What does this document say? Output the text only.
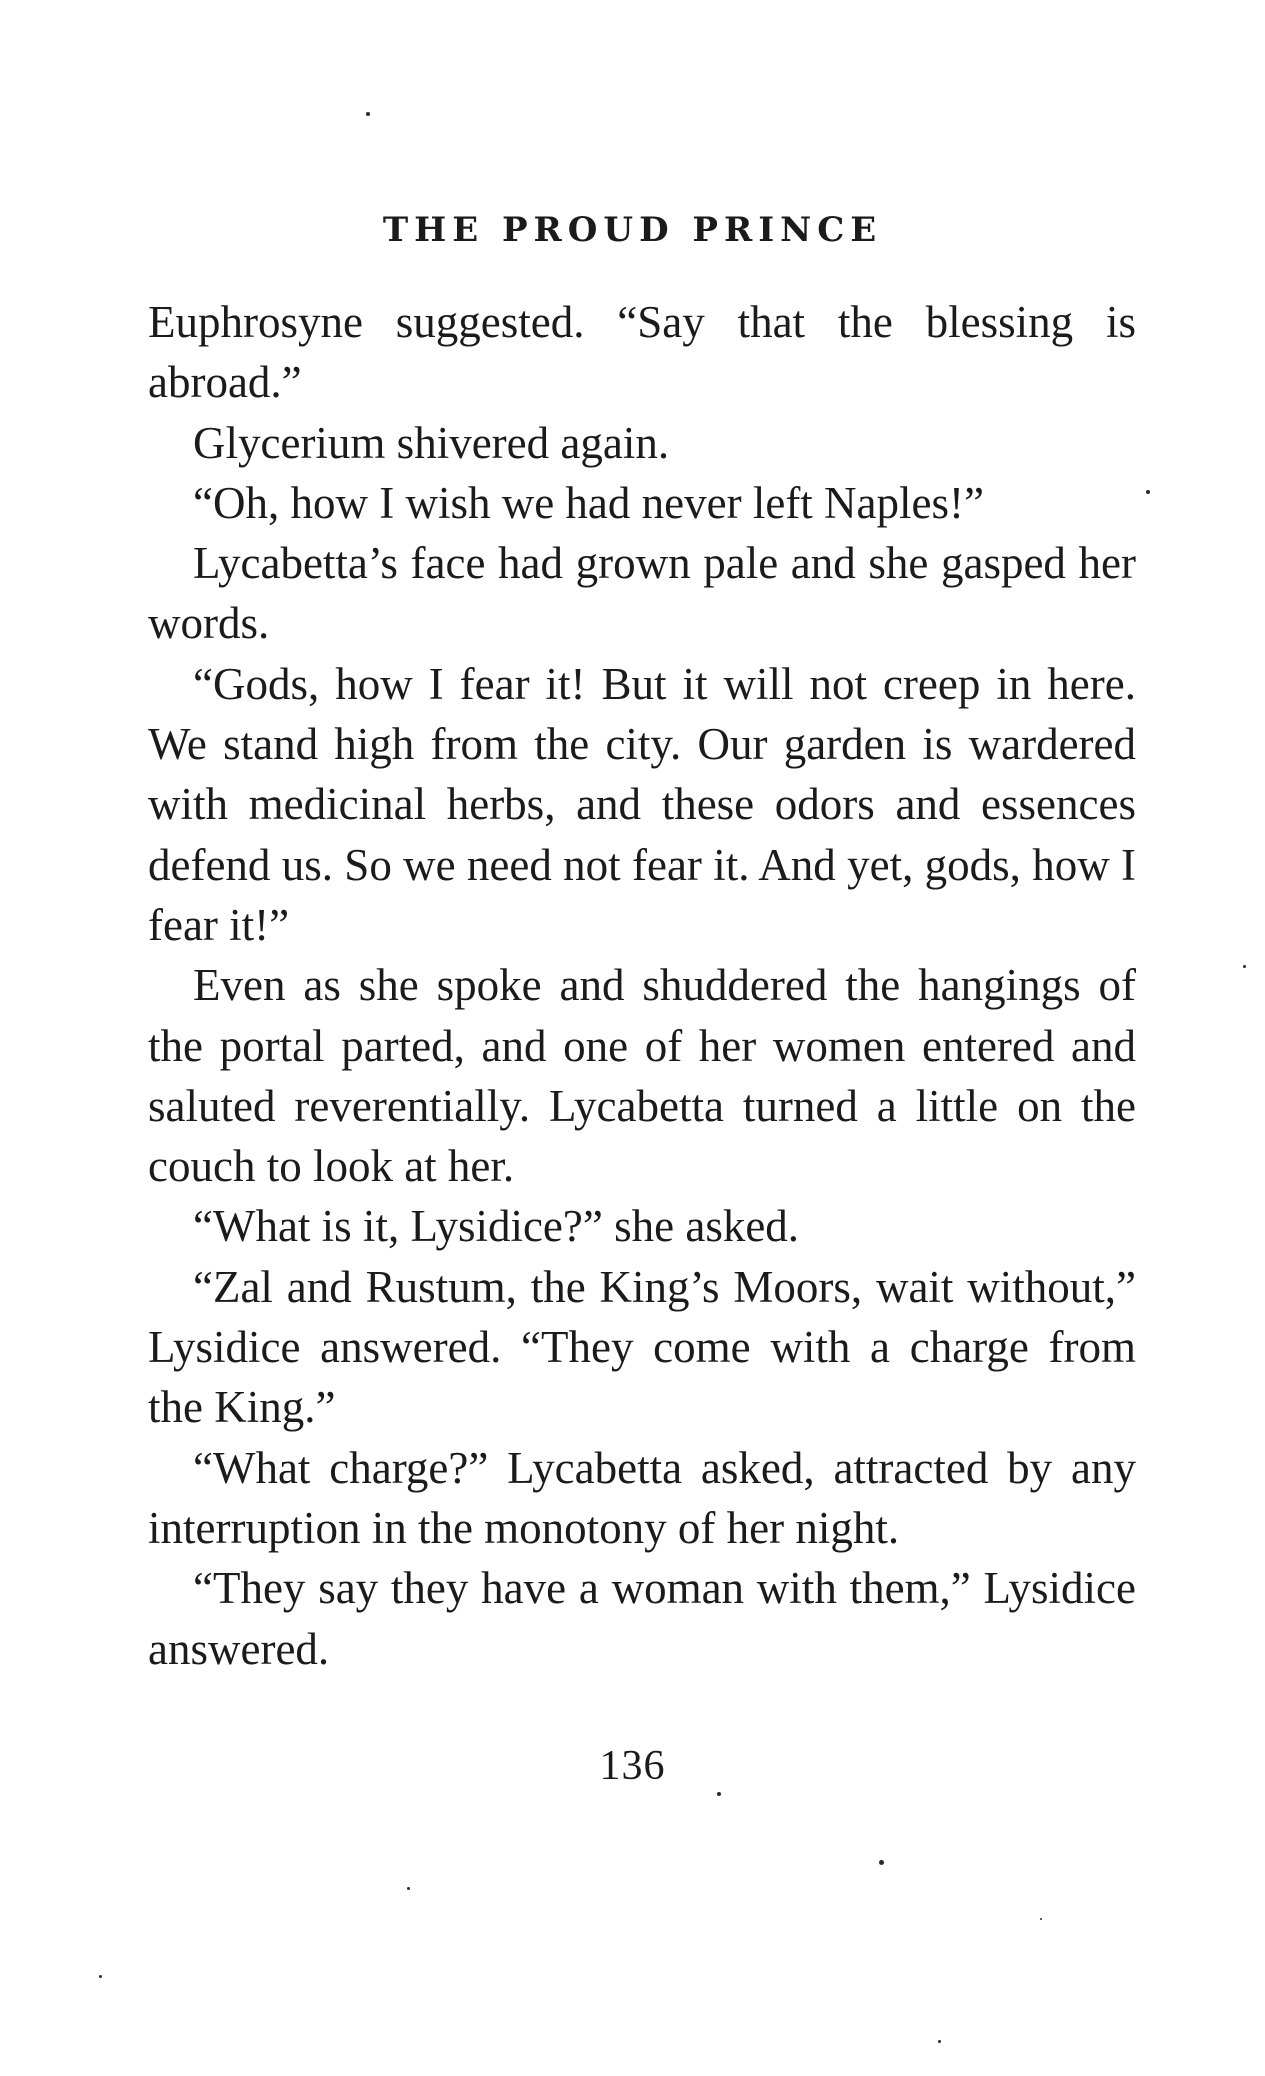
THE PROUD PRINCE

Euphrosyne suggested. “Say that the blessing is abroad.”

Glycerium shivered again.

“Oh, how I wish we had never left Naples!”

Lycabetta’s face had grown pale and she gasped her words.

“Gods, how I fear it! But it will not creep in here. We stand high from the city. Our garden is wardered with medicinal herbs, and these odors and essences defend us. So we need not fear it. And yet, gods, how I fear it!”

Even as she spoke and shuddered the hangings of the portal parted, and one of her women entered and saluted reverentially. Lycabetta turned a little on the couch to look at her.

“What is it, Lysidice?” she asked.

“Zal and Rustum, the King’s Moors, wait without,” Lysidice answered. “They come with a charge from the King.”

“What charge?” Lycabetta asked, attracted by any interruption in the monotony of her night.

“They say they have a woman with them,” Lysidice answered.

136
